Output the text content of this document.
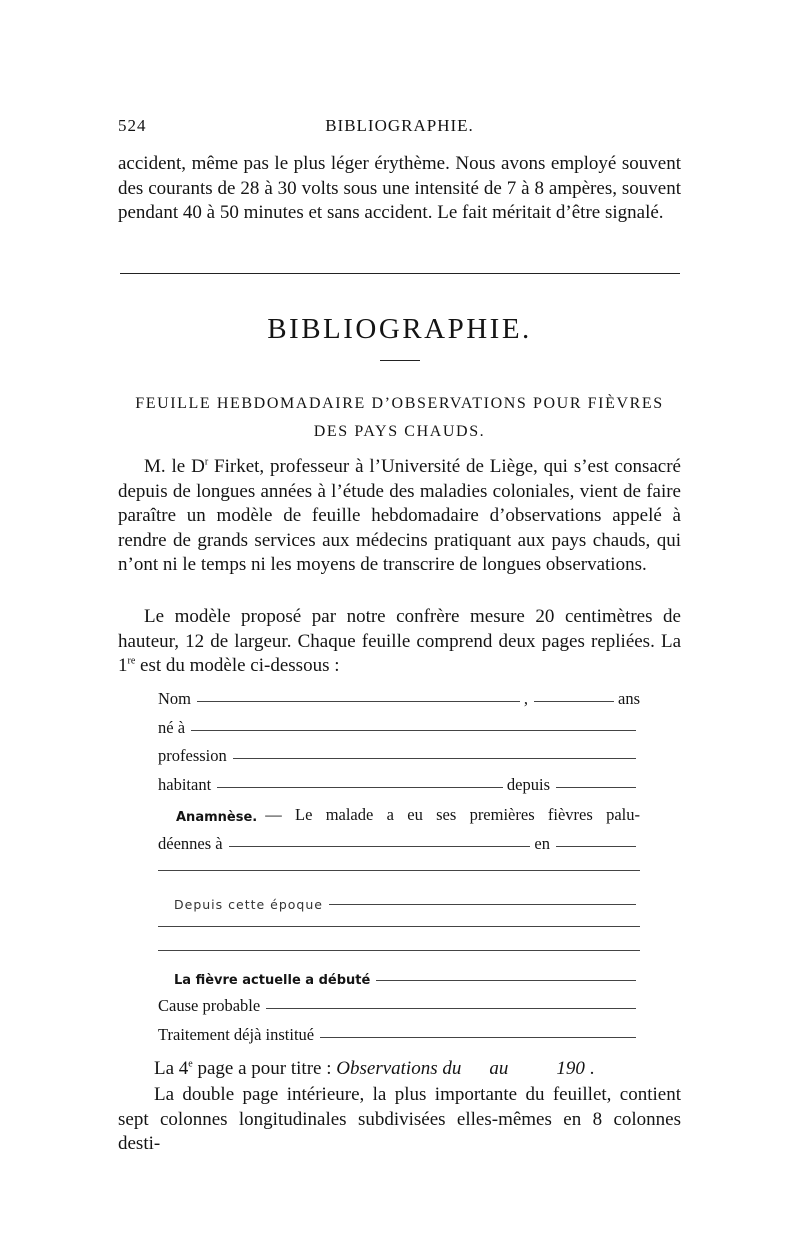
524	BIBLIOGRAPHIE.
accident, même pas le plus léger érythème. Nous avons employé souvent des courants de 28 à 30 volts sous une intensité de 7 à 8 ampères, souvent pendant 40 à 50 minutes et sans accident. Le fait méritait d’être signalé.
BIBLIOGRAPHIE.
FEUILLE HEBDOMADAIRE D’OBSERVATIONS POUR FIÈVRES
DES PAYS CHAUDS.
M. le $D^r$ Firket, professeur à l’Université de Liège, qui s’est consacré depuis de longues années à l’étude des maladies coloniales, vient de faire paraître un modèle de feuille hebdomadaire d’observations appelé à rendre de grands services aux médecins pratiquant aux pays chauds, qui n’ont ni le temps ni les moyens de transcrire de longues observations.
Le modèle proposé par notre confrère mesure 20 centimètres de hauteur, 12 de largeur. Chaque feuille comprend deux pages repliées. La 1re est du modèle ci-dessous :
Nom	,	ans
né à
profession
habitant	depuis
Anamnèse. — Le malade a eu ses premières fièvres palu-
déennes à	en
Depuis cette époque
La fièvre actuelle a débuté
Cause probable
Traitement déjà institué
La 4e page a pour titre : Observations du au	190 .
La double page intérieure, la plus importante du feuillet, contient sept colonnes longitudinales subdivisées elles-mêmes en 8 colonnes desti-
